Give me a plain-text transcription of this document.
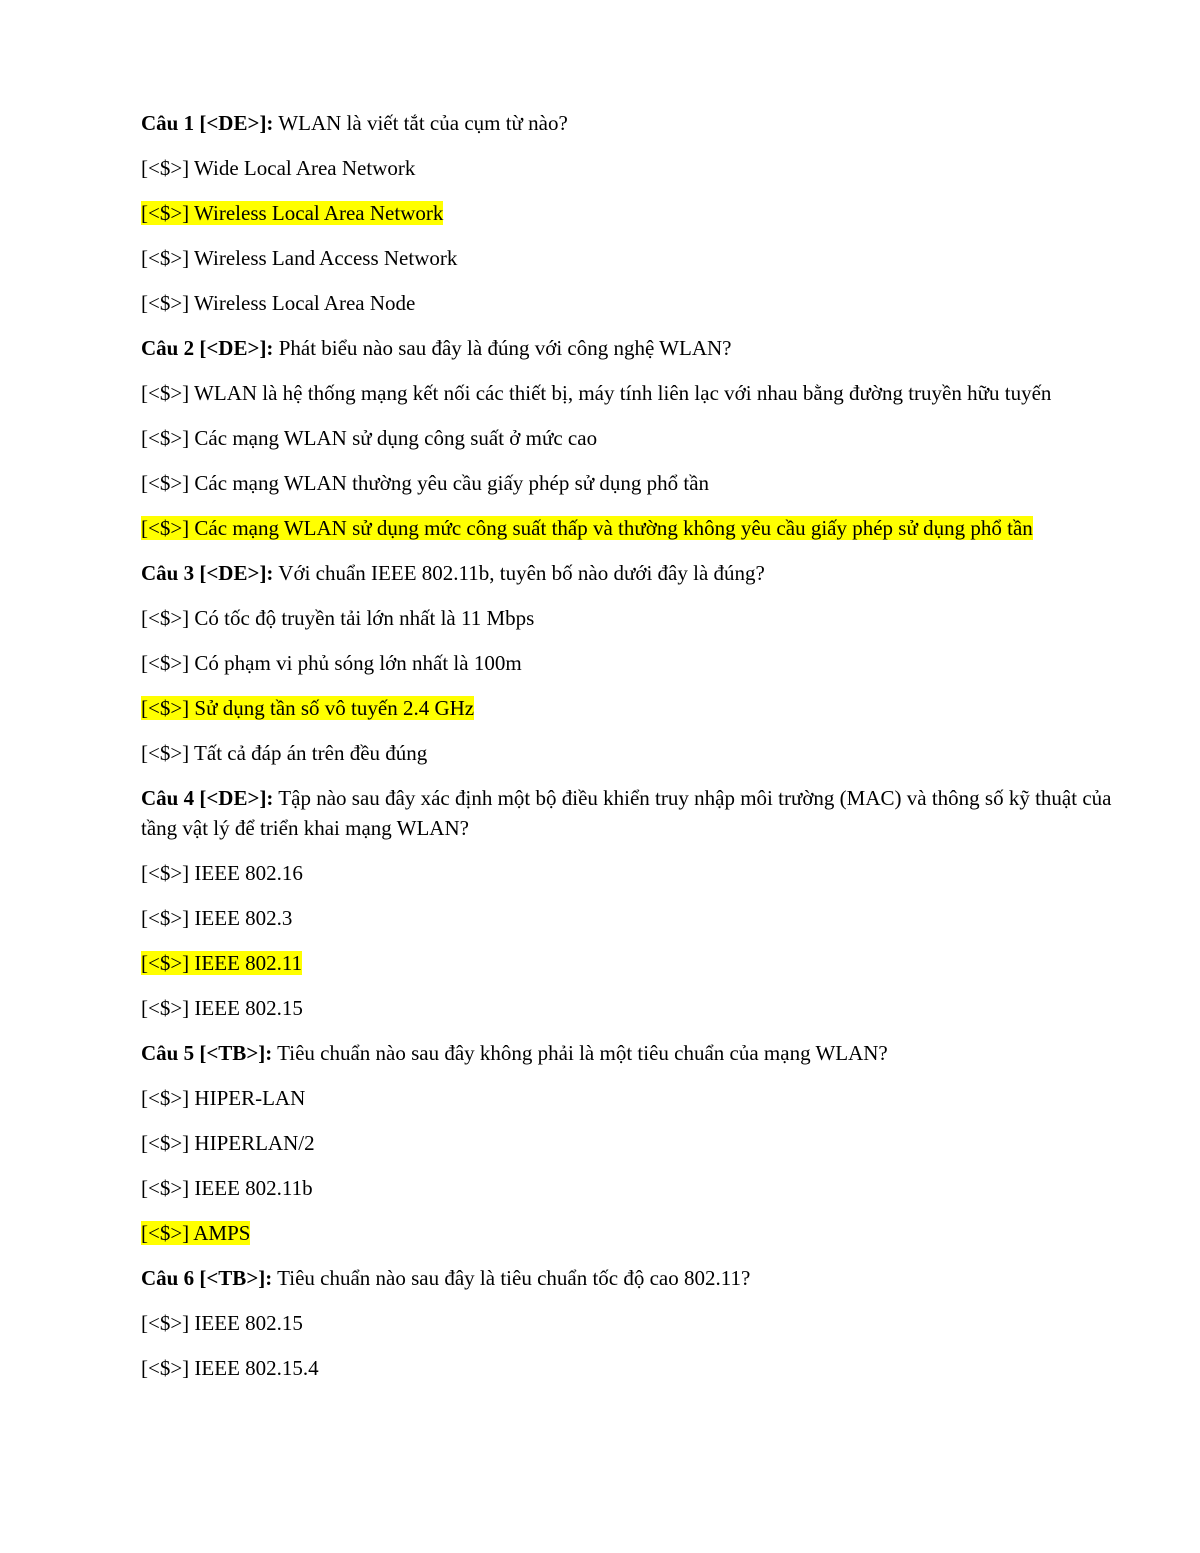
Câu 1 [<DE>]: WLAN là viết tắt của cụm từ nào?
[<$>] Wide Local Area Network
[<$>] Wireless Local Area Network
[<$>] Wireless Land Access Network
[<$>] Wireless Local Area Node
Câu 2 [<DE>]: Phát biểu nào sau đây là đúng với công nghệ WLAN?
[<$>] WLAN là hệ thống mạng kết nối các thiết bị, máy tính liên lạc với nhau bằng đường truyền hữu tuyến
[<$>] Các mạng WLAN sử dụng công suất ở mức cao
[<$>] Các mạng WLAN thường yêu cầu giấy phép sử dụng phổ tần
[<$>] Các mạng WLAN sử dụng mức công suất thấp và thường không yêu cầu giấy phép sử dụng phổ tần
Câu 3 [<DE>]: Với chuẩn IEEE 802.11b, tuyên bố nào dưới đây là đúng?
[<$>] Có tốc độ truyền tải lớn nhất là 11 Mbps
[<$>] Có phạm vi phủ sóng lớn nhất là 100m
[<$>] Sử dụng tần số vô tuyến 2.4 GHz
[<$>] Tất cả đáp án trên đều đúng
Câu 4 [<DE>]: Tập nào sau đây xác định một bộ điều khiển truy nhập môi trường (MAC) và thông số kỹ thuật của tầng vật lý để triển khai mạng WLAN?
[<$>] IEEE 802.16
[<$>] IEEE 802.3
[<$>] IEEE 802.11
[<$>] IEEE 802.15
Câu 5 [<TB>]: Tiêu chuẩn nào sau đây không phải là một tiêu chuẩn của mạng WLAN?
[<$>] HIPER-LAN
[<$>] HIPERLAN/2
[<$>] IEEE 802.11b
[<$>] AMPS
Câu 6 [<TB>]: Tiêu chuẩn nào sau đây là tiêu chuẩn tốc độ cao 802.11?
[<$>] IEEE 802.15
[<$>] IEEE 802.15.4
